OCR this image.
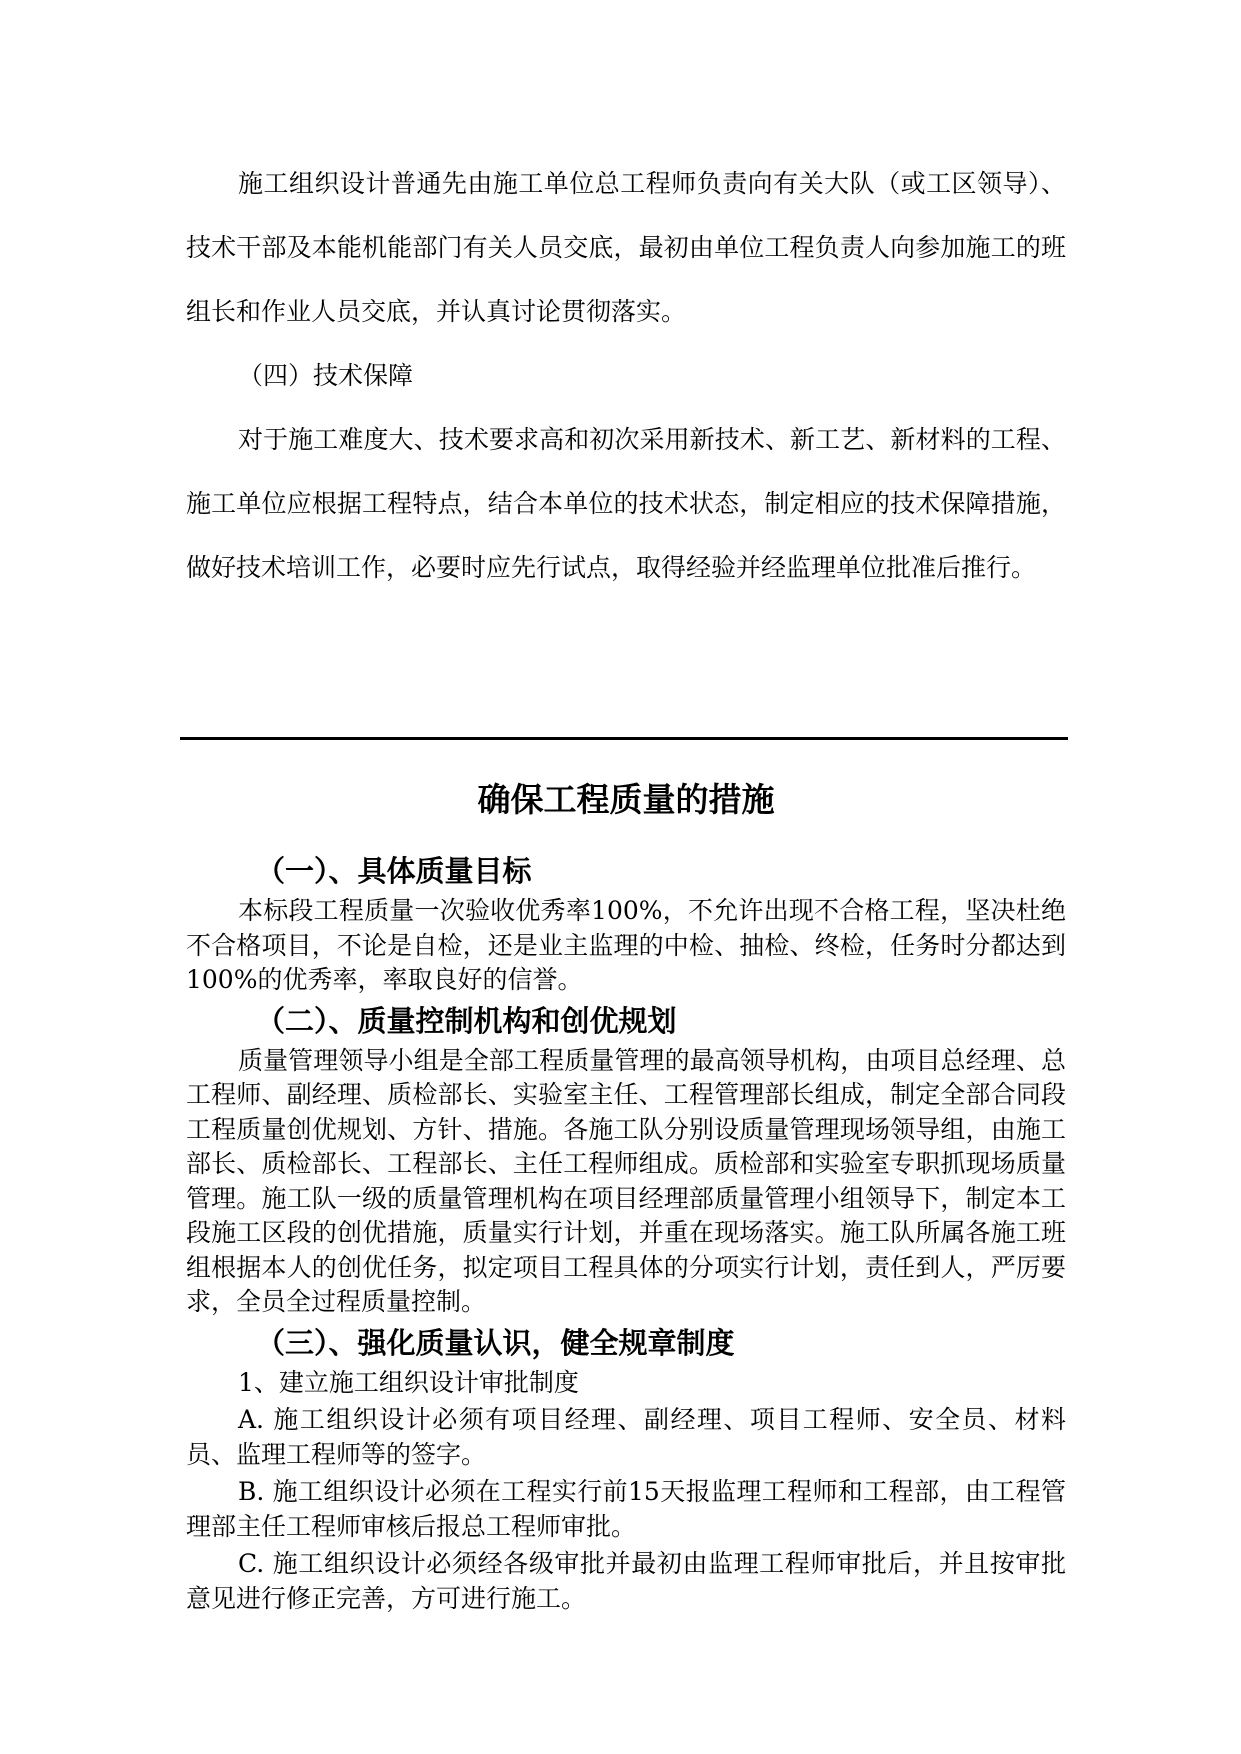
施工组织设计普通先由施工单位总工程师负责向有关大队（或工区领导）、技术干部及本能机能部门有关人员交底，最初由单位工程负责人向参加施工的班组长和作业人员交底，并认真讨论贯彻落实。

（四）技术保障

对于施工难度大、技术要求高和初次采用新技术、新工艺、新材料的工程、施工单位应根据工程特点，结合本单位的技术状态，制定相应的技术保障措施，做好技术培训工作，必要时应先行试点，取得经验并经监理单位批准后推行。

确保工程质量的措施
（一）、具体质量目标

本标段工程质量一次验收优秀率100%，不允许出现不合格工程，坚决杜绝不合格项目，不论是自检，还是业主监理的中检、抽检、终检，任务时分都达到100%的优秀率，率取良好的信誉。

（二）、质量控制机构和创优规划

质量管理领导小组是全部工程质量管理的最高领导机构，由项目总经理、总工程师、副经理、质检部长、实验室主任、工程管理部长组成，制定全部合同段工程质量创优规划、方针、措施。各施工队分别设质量管理现场领导组，由施工部长、质检部长、工程部长、主任工程师组成。质检部和实验室专职抓现场质量管理。施工队一级的质量管理机构在项目经理部质量管理小组领导下，制定本工段施工区段的创优措施，质量实行计划，并重在现场落实。施工队所属各施工班组根据本人的创优任务，拟定项目工程具体的分项实行计划，责任到人，严厉要求，全员全过程质量控制。

（三）、强化质量认识，健全规章制度

1、建立施工组织设计审批制度

A. 施工组织设计必须有项目经理、副经理、项目工程师、安全员、材料员、监理工程师等的签字。

B. 施工组织设计必须在工程实行前15天报监理工程师和工程部，由工程管理部主任工程师审核后报总工程师审批。

C. 施工组织设计必须经各级审批并最初由监理工程师审批后，并且按审批意见进行修正完善，方可进行施工。
